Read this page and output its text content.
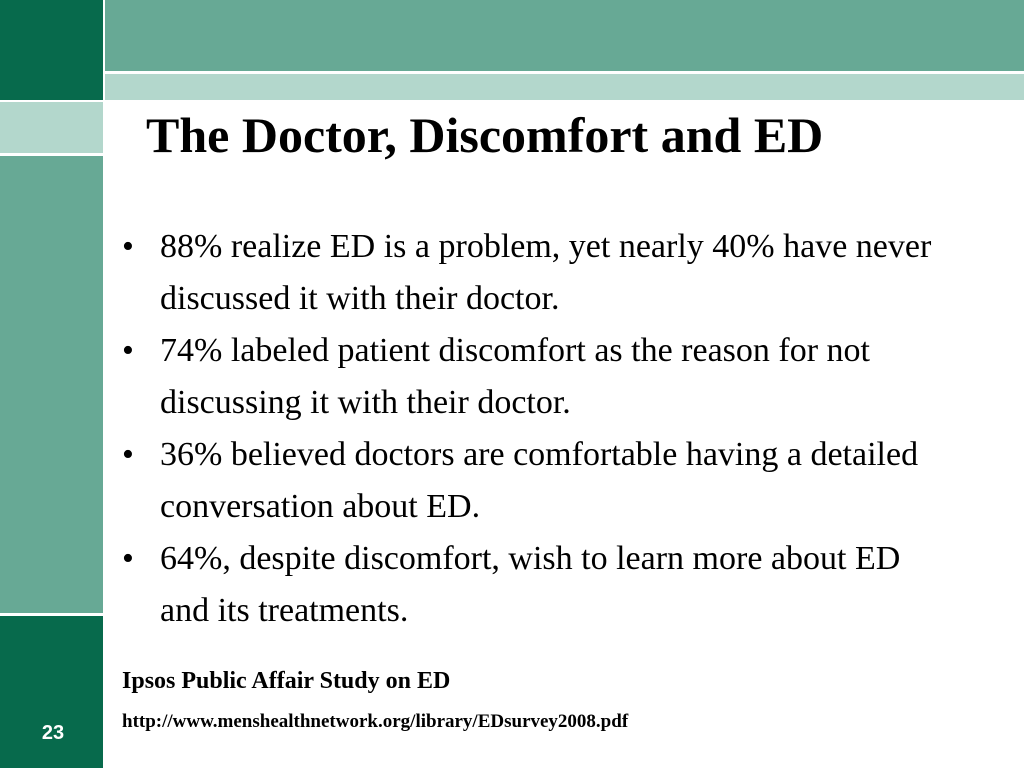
The Doctor, Discomfort and ED
• 88% realize ED is a problem, yet nearly 40% have never discussed it with their doctor.
• 74% labeled patient discomfort as the reason for not discussing it with their doctor.
• 36% believed doctors are comfortable having a detailed conversation about ED.
• 64%, despite discomfort, wish to learn more about ED and its treatments.
Ipsos Public Affair Study on ED
http://www.menshealthnetwork.org/library/EDsurvey2008.pdf
23
